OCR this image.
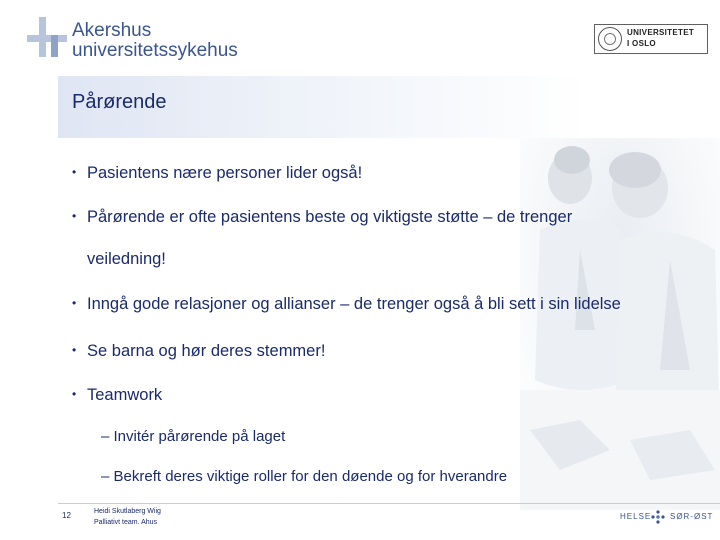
Akershus
universitetssykehus
UNIVERSITETET
I OSLO
Pårørende
• Pasientens nære personer lider også!
• Pårørende er ofte pasientens beste og viktigste støtte – de trenger
veiledning!
• Inngå gode relasjoner og allianser – de trenger også å bli sett i sin lidelse
• Se barna og hør deres stemmer!
• Teamwork
– Invitér pårørende på laget
– Bekreft deres viktige roller for den døende og for hverandre
12	Heidi Skutlaberg Wiig
Palliativt team. Ahus
HELSE SØR-ØST
